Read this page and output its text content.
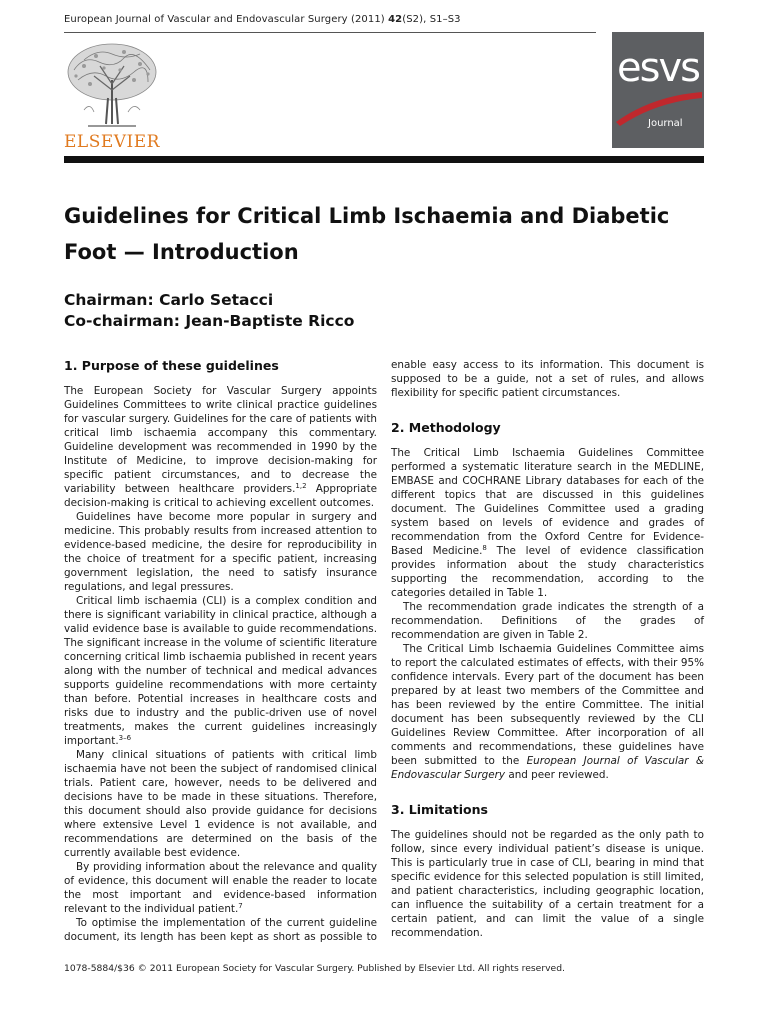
European Journal of Vascular and Endovascular Surgery (2011) 42(S2), S1–S3
ELSEVIER
esvs
Journal
Guidelines for Critical Limb Ischaemia and Diabetic Foot — Introduction
Chairman: Carlo Setacci
Co-chairman: Jean-Baptiste Ricco
1. Purpose of these guidelines

The European Society for Vascular Surgery appoints Guidelines Committees to write clinical practice guidelines for vascular surgery. Guidelines for the care of patients with critical limb ischaemia accompany this commentary. Guideline development was recommended in 1990 by the Institute of Medicine, to improve decision-making for specific patient circumstances, and to decrease the variability between healthcare providers.$^{1,2}$ Appropriate decision-making is critical to achieving excellent outcomes.

Guidelines have become more popular in surgery and medicine. This probably results from increased attention to evidence-based medicine, the desire for reproducibility in the choice of treatment for a specific patient, increasing government legislation, the need to satisfy insurance regulations, and legal pressures.

Critical limb ischaemia (CLI) is a complex condition and there is significant variability in clinical practice, although a valid evidence base is available to guide recommendations. The significant increase in the volume of scientific literature concerning critical limb ischaemia published in recent years along with the number of technical and medical advances supports guideline recommendations with more certainty than before. Potential increases in healthcare costs and risks due to industry and the public-driven use of novel treatments, makes the current guidelines increasingly important.$^{3-6}$

Many clinical situations of patients with critical limb ischaemia have not been the subject of randomised clinical trials. Patient care, however, needs to be delivered and decisions have to be made in these situations. Therefore, this document should also provide guidance for decisions where extensive Level 1 evidence is not available, and recommendations are determined on the basis of the currently available best evidence.

By providing information about the relevance and quality of evidence, this document will enable the reader to locate the most important and evidence-based information relevant to the individual patient.$^7$

To optimise the implementation of the current guideline document, its length has been kept as short as possible to

enable easy access to its information. This document is supposed to be a guide, not a set of rules, and allows flexibility for specific patient circumstances.

2. Methodology

The Critical Limb Ischaemia Guidelines Committee performed a systematic literature search in the MEDLINE, EMBASE and COCHRANE Library databases for each of the different topics that are discussed in this guidelines document. The Guidelines Committee used a grading system based on levels of evidence and grades of recommendation from the Oxford Centre for Evidence-Based Medicine.$^8$ The level of evidence classification provides information about the study characteristics supporting the recommendation, according to the categories detailed in Table 1.

The recommendation grade indicates the strength of a recommendation. Definitions of the grades of recommendation are given in Table 2.

The Critical Limb Ischaemia Guidelines Committee aims to report the calculated estimates of effects, with their 95% confidence intervals. Every part of the document has been prepared by at least two members of the Committee and has been reviewed by the entire Committee. The initial document has been subsequently reviewed by the CLI Guidelines Review Committee. After incorporation of all comments and recommendations, these guidelines have been submitted to the European Journal of Vascular & Endovascular Surgery and peer reviewed.

3. Limitations

The guidelines should not be regarded as the only path to follow, since every individual patient’s disease is unique. This is particularly true in case of CLI, bearing in mind that specific evidence for this selected population is still limited, and patient characteristics, including geographic location, can influence the suitability of a certain treatment for a certain patient, and can limit the value of a single recommendation.

1078-5884/$36 © 2011 European Society for Vascular Surgery. Published by Elsevier Ltd. All rights reserved.
